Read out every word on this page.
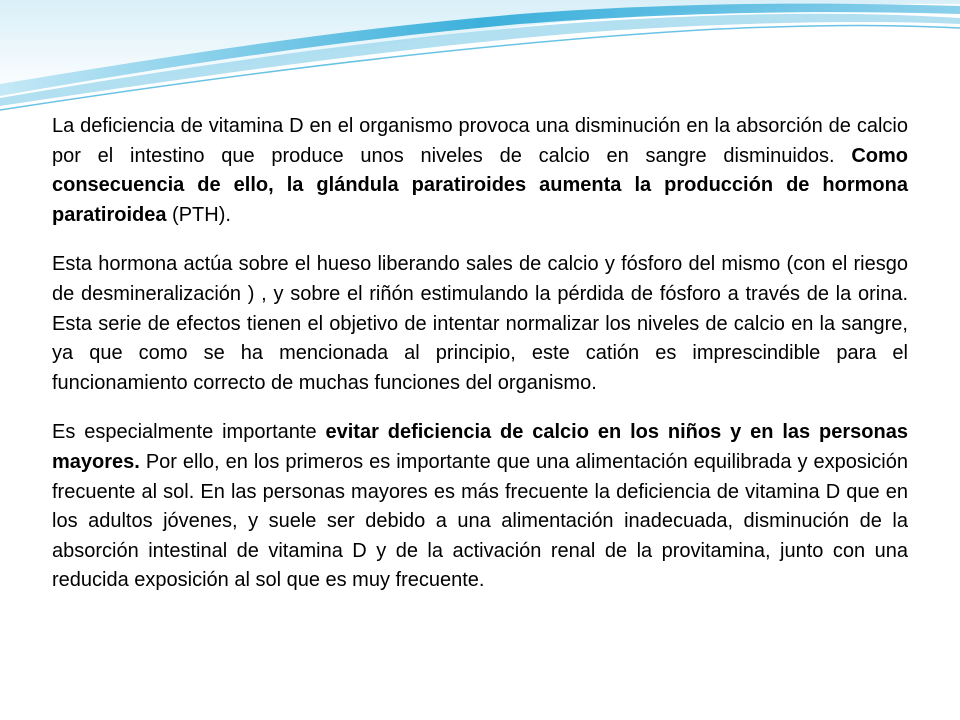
La deficiencia de vitamina D en el organismo provoca una disminución en la absorción de calcio por el intestino que produce unos niveles de calcio en sangre disminuidos. Como consecuencia de ello, la glándula paratiroides aumenta la producción de hormona paratiroidea (PTH).

Esta hormona actúa sobre el hueso liberando sales de calcio y fósforo del mismo (con el riesgo de desmineralización ) , y sobre el riñón estimulando la pérdida de fósforo a través de la orina. Esta serie de efectos tienen el objetivo de intentar normalizar los niveles de calcio en la sangre, ya que como se ha mencionada al principio, este catión es imprescindible para el funcionamiento correcto de muchas funciones del organismo.

Es especialmente importante evitar deficiencia de calcio en los niños y en las personas mayores. Por ello, en los primeros es importante que una alimentación equilibrada y exposición frecuente al sol. En las personas mayores es más frecuente la deficiencia de vitamina D que en los adultos jóvenes, y suele ser debido a una alimentación inadecuada, disminución de la absorción intestinal de vitamina D y de la activación renal de la provitamina, junto con una reducida exposición al sol que es muy frecuente.
